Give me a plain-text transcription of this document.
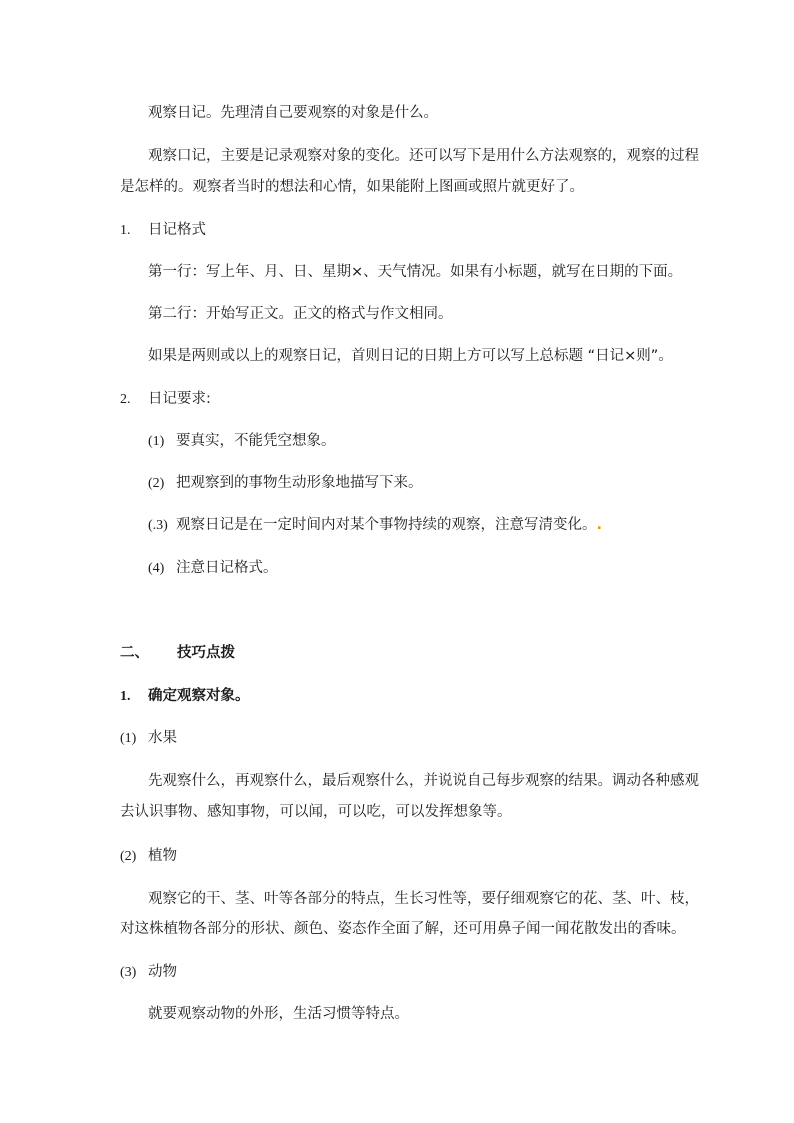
观察日记。先理清自己要观察的对象是什么。
观察口记，主要是记录观察对象的变化。还可以写下是用什么方法观察的，观察的过程
是怎样的。观察者当时的想法和心情，如果能附上图画或照片就更好了。
1. 日记格式
第一行：写上年、月、日、星期×、天气情况。如果有小标题，就写在日期的下面。
第二行：开始写正文。正文的格式与作文相同。
如果是两则或以上的观察日记，首则日记的日期上方可以写上总标题 “日记×则”。
2. 日记要求:
(1) 要真实，不能凭空想象。
(2) 把观察到的事物生动形象地描写下来。
(.3) 观察日记是在一定时间内对某个事物持续的观察，注意写清变化。.
(4) 注意日记格式。
二、 技巧点拨
1. 确定观察对象。
(1) 水果
先观察什么，再观察什么，最后观察什么，并说说自己每步观察的结果。调动各种感观
去认识事物、感知事物，可以闻，可以吃，可以发挥想象等。
(2) 植物
观察它的干、茎、叶等各部分的特点，生长习性等，要仔细观察它的花、茎、叶、枝，
对这株植物各部分的形状、颜色、姿态作全面了解，还可用鼻子闻一闻花散发出的香味。
(3) 动物
就要观察动物的外形，生活习惯等特点。
